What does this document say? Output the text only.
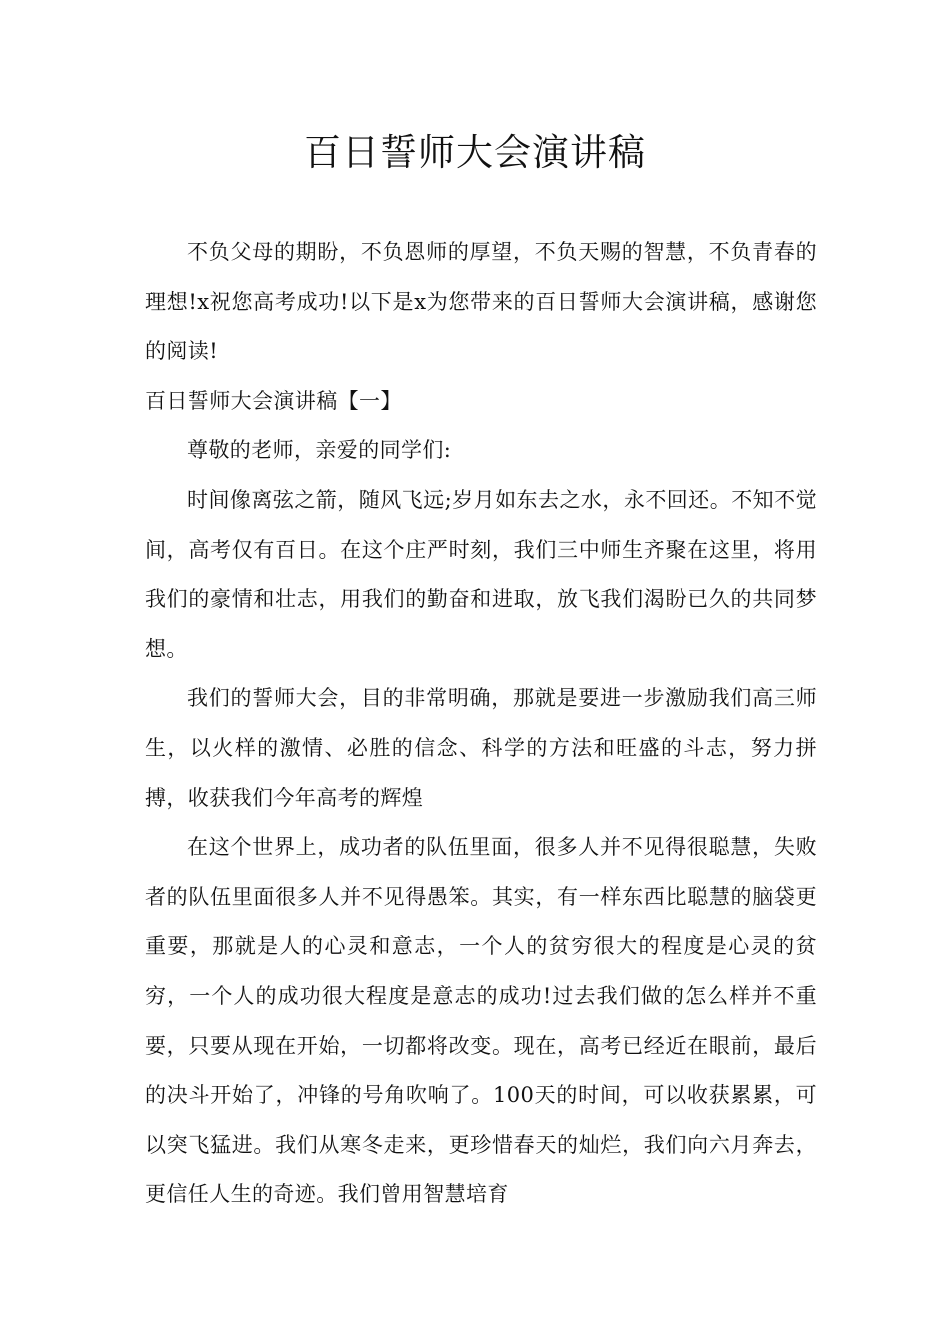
百日誓师大会演讲稿

不负父母的期盼，不负恩师的厚望，不负天赐的智慧，不负青春的理想!x祝您高考成功!以下是x为您带来的百日誓师大会演讲稿，感谢您的阅读!

百日誓师大会演讲稿【一】

尊敬的老师，亲爱的同学们:

时间像离弦之箭，随风飞远;岁月如东去之水，永不回还。不知不觉间，高考仅有百日。在这个庄严时刻，我们三中师生齐聚在这里，将用我们的豪情和壮志，用我们的勤奋和进取，放飞我们渴盼已久的共同梦想。

我们的誓师大会，目的非常明确，那就是要进一步激励我们高三师生，以火样的激情、必胜的信念、科学的方法和旺盛的斗志，努力拼搏，收获我们今年高考的辉煌

在这个世界上，成功者的队伍里面，很多人并不见得很聪慧，失败者的队伍里面很多人并不见得愚笨。其实，有一样东西比聪慧的脑袋更重要，那就是人的心灵和意志，一个人的贫穷很大的程度是心灵的贫穷，一个人的成功很大程度是意志的成功!过去我们做的怎么样并不重要，只要从现在开始，一切都将改变。现在，高考已经近在眼前，最后的决斗开始了，冲锋的号角吹响了。100天的时间，可以收获累累，可以突飞猛进。我们从寒冬走来，更珍惜春天的灿烂，我们向六月奔去，更信任人生的奇迹。我们曾用智慧培育
